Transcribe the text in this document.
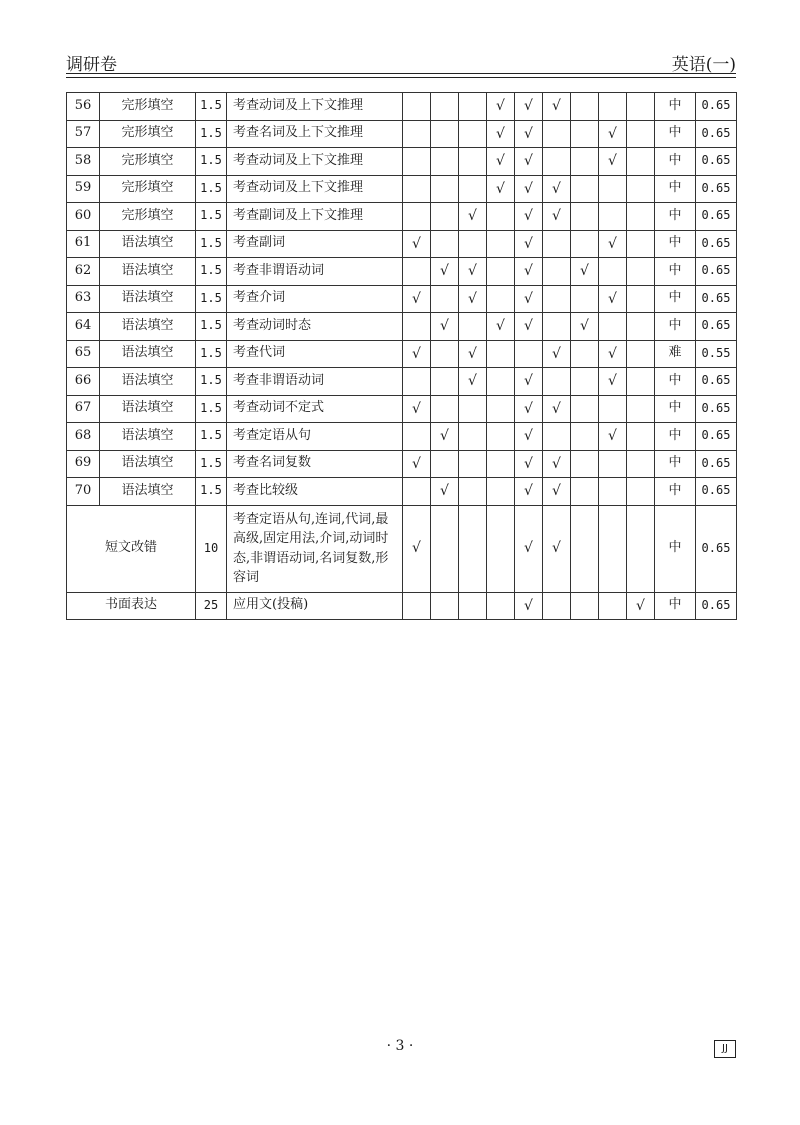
调研卷	英语(一)
56	完形填空	1.5	考查动词及上下文推理				√	√	√				中	0.65
57	完形填空	1.5	考查名词及上下文推理				√	√			√		中	0.65
58	完形填空	1.5	考查动词及上下文推理				√	√			√		中	0.65
59	完形填空	1.5	考查动词及上下文推理				√	√	√				中	0.65
60	完形填空	1.5	考查副词及上下文推理			√		√	√				中	0.65
61	语法填空	1.5	考查副词	√				√			√		中	0.65
62	语法填空	1.5	考查非谓语动词		√	√		√		√			中	0.65
63	语法填空	1.5	考查介词	√		√		√			√		中	0.65
64	语法填空	1.5	考查动词时态		√		√	√		√			中	0.65
65	语法填空	1.5	考查代词	√		√			√		√		难	0.55
66	语法填空	1.5	考查非谓语动词			√		√			√		中	0.65
67	语法填空	1.5	考查动词不定式	√				√	√				中	0.65
68	语法填空	1.5	考查定语从句		√			√			√		中	0.65
69	语法填空	1.5	考查名词复数	√				√	√				中	0.65
70	语法填空	1.5	考查比较级		√			√	√				中	0.65
短文改错		10	考查定语从句,连词,代词,最高级,固定用法,介词,动词时态,非谓语动词,名词复数,形容词	√				√	√				中	0.65
书面表达		25	应用文(投稿)					√				√	中	0.65
· 3 ·	JJ
